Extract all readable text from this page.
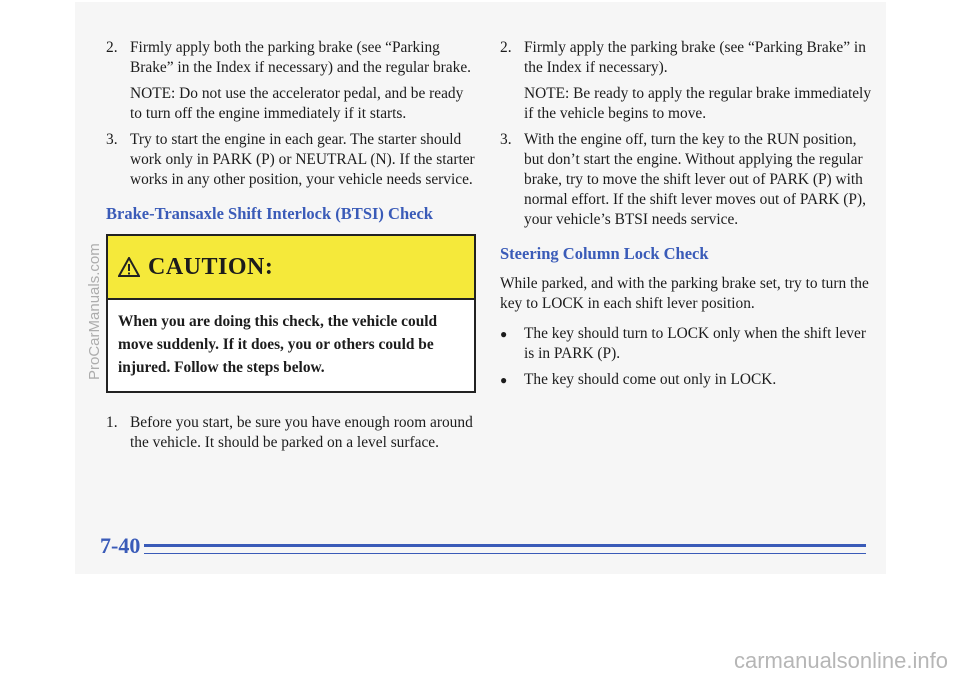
2. Firmly apply both the parking brake (see “Parking Brake” in the Index if necessary) and the regular brake.
NOTE: Do not use the accelerator pedal, and be ready to turn off the engine immediately if it starts.
3. Try to start the engine in each gear. The starter should work only in PARK (P) or NEUTRAL (N). If the starter works in any other position, your vehicle needs service.
Brake-Transaxle Shift Interlock (BTSI) Check
CAUTION:
When you are doing this check, the vehicle could move suddenly. If it does, you or others could be injured. Follow the steps below.
1. Before you start, be sure you have enough room around the vehicle. It should be parked on a level surface.
2. Firmly apply the parking brake (see “Parking Brake” in the Index if necessary).
NOTE: Be ready to apply the regular brake immediately if the vehicle begins to move.
3. With the engine off, turn the key to the RUN position, but don’t start the engine. Without applying the regular brake, try to move the shift lever out of PARK (P) with normal effort. If the shift lever moves out of PARK (P), your vehicle’s BTSI needs service.
Steering Column Lock Check
While parked, and with the parking brake set, try to turn the key to LOCK in each shift lever position.
●	The key should turn to LOCK only when the shift lever is in PARK (P).
●	The key should come out only in LOCK.
7-40
ProCarManuals.com
carmanualsonline.info
